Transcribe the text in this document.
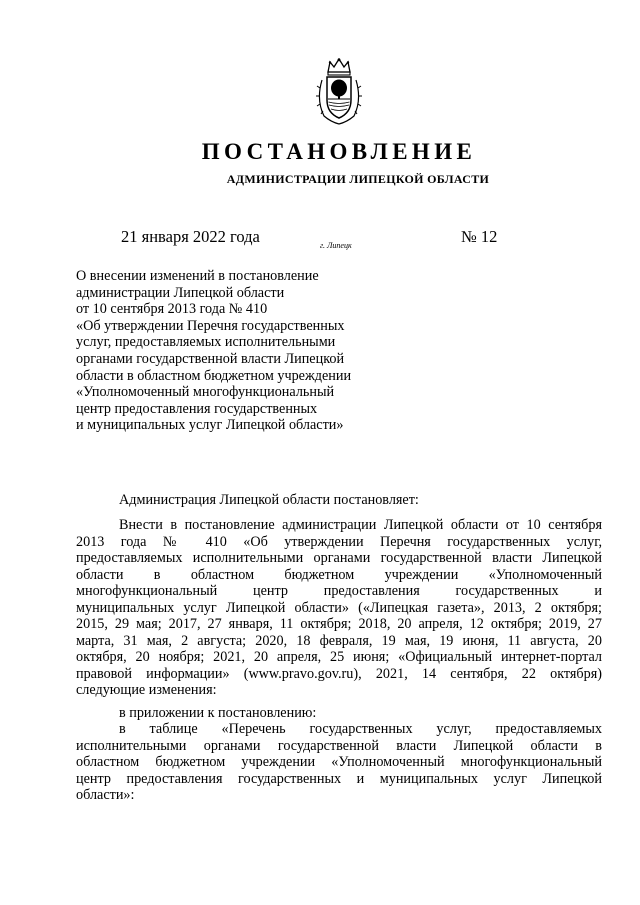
ПОСТАНОВЛЕНИЕ
АДМИНИСТРАЦИИ ЛИПЕЦКОЙ ОБЛАСТИ
21 января 2022 года	г. Липецк	№ 12
О внесении изменений в постановление
администрации Липецкой области
от 10 сентября 2013 года № 410
«Об утверждении Перечня государственных
услуг, предоставляемых исполнительными
органами государственной власти Липецкой
области в областном бюджетном учреждении
«Уполномоченный многофункциональный
центр предоставления государственных
и муниципальных услуг Липецкой области»
Администрация Липецкой области постановляет:

Внести в постановление администрации Липецкой области от 10 сентября
2013 года № 410 «Об утверждении Перечня государственных услуг,
предоставляемых исполнительными органами государственной власти Липецкой
области в областном бюджетном учреждении «Уполномоченный
многофункциональный центр предоставления государственных и
муниципальных услуг Липецкой области» («Липецкая газета», 2013, 2 октября;
2015, 29 мая; 2017, 27 января, 11 октября; 2018, 20 апреля, 12 октября; 2019, 27
марта, 31 мая, 2 августа; 2020, 18 февраля, 19 мая, 19 июня, 11 августа, 20
октября, 20 ноября; 2021, 20 апреля, 25 июня; «Официальный интернет-портал
правовой информации» (www.pravo.gov.ru), 2021, 14 сентября, 22 октября)
следующие изменения:

в приложении к постановлению:

в таблице «Перечень государственных услуг, предоставляемых
исполнительными органами государственной власти Липецкой области в
областном бюджетном учреждении «Уполномоченный многофункциональный
центр предоставления государственных и муниципальных услуг Липецкой
области»:
